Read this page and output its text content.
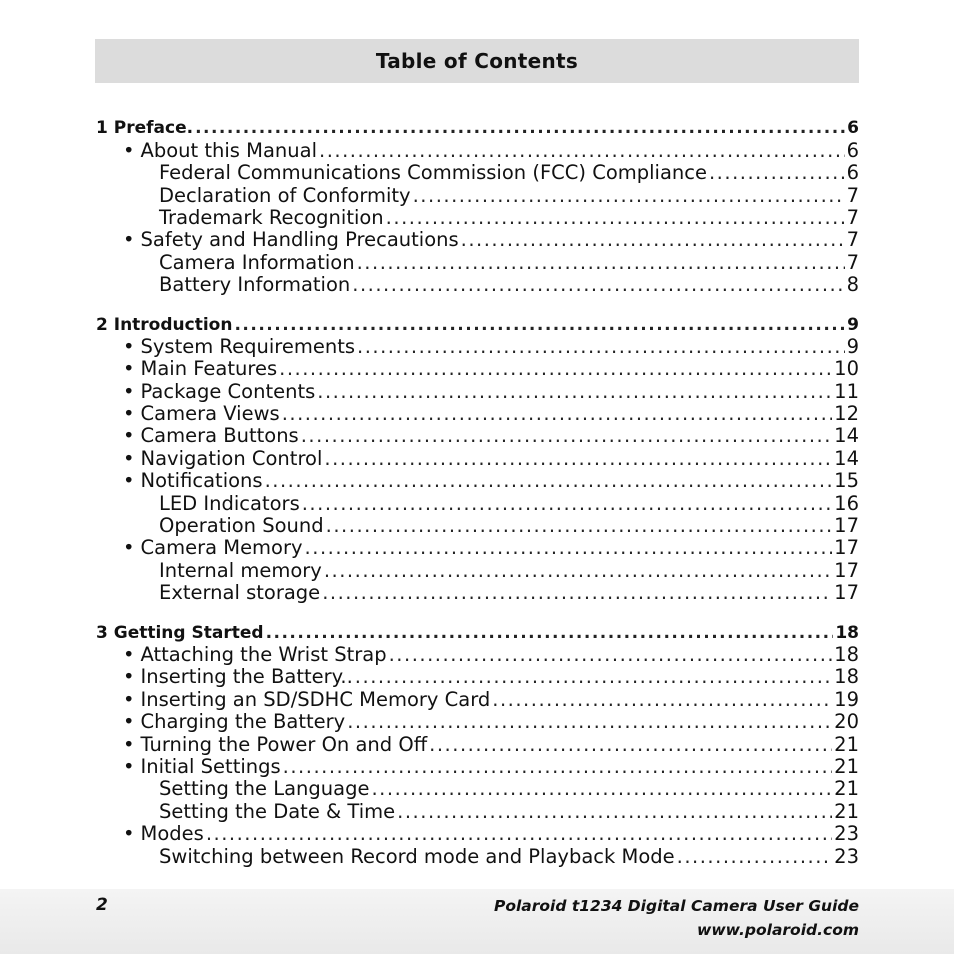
Table of Contents
1 Preface. .....	6
• About this Manual .....	6
Federal Communications Commission (FCC) Compliance .....	6
Declaration of Conformity .....	7
Trademark Recognition .....	7
• Safety and Handling Precautions .....	7
Camera Information .....	7
Battery Information .....	8
2 Introduction .....	9
• System Requirements .....	9
• Main Features .....	10
• Package Contents .....	11
• Camera Views .....	12
• Camera Buttons .....	14
• Navigation Control .....	14
• Notifications .....	15
LED Indicators .....	16
Operation Sound .....	17
• Camera Memory .....	17
Internal memory .....	17
External storage .....	17
3 Getting Started .....	18
• Attaching the Wrist Strap .....	18
• Inserting the Battery.. .....	18
• Inserting an SD/SDHC Memory Card .....	19
• Charging the Battery .....	20
• Turning the Power On and Off .....	21
• Initial Settings .....	21
Setting the Language .....	21
Setting the Date & Time .....	21
• Modes .....	23
Switching between Record mode and Playback Mode .....	23
2	Polaroid t1234 Digital Camera User Guide
www.polaroid.com
